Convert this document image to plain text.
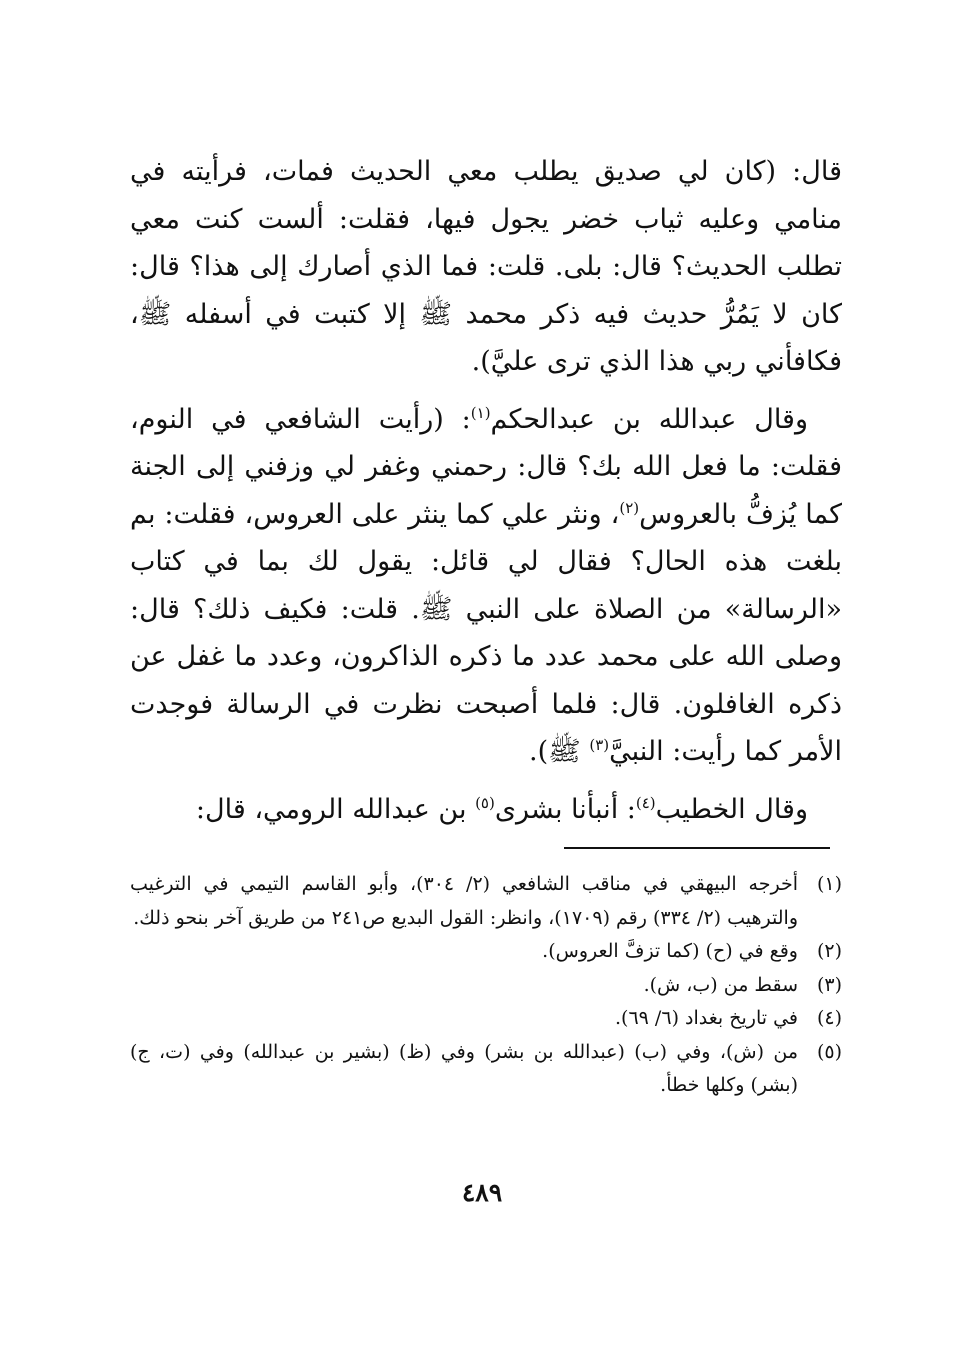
قال: (كان لي صديق يطلب معي الحديث فمات، فرأيته في منامي وعليه ثياب خضر يجول فيها، فقلت: ألست كنت معي تطلب الحديث؟ قال: بلى. قلت: فما الذي أصارك إلى هذا؟ قال: كان لا يَمُرُّ حديث فيه ذكر محمد ﷺ إلا كتبت في أسفله ﷺ، فكافأني ربي هذا الذي ترى عليَّ).

وقال عبدالله بن عبدالحكم$^{(١)}$: (رأيت الشافعي في النوم، فقلت: ما فعل الله بك؟ قال: رحمني وغفر لي وزفني إلى الجنة كما يُزفُّ بالعروس$^{(٢)}$، ونثر علي كما ينثر على العروس، فقلت: بم بلغت هذه الحال؟ فقال لي قائل: يقول لك بما في كتاب «الرسالة» من الصلاة على النبي ﷺ. قلت: فكيف ذلك؟ قال: وصلى الله على محمد عدد ما ذكره الذاكرون، وعدد ما غفل عن ذكره الغافلون. قال: فلما أصبحت نظرت في الرسالة فوجدت الأمر كما رأيت: النبيَّ$^{(٣)}$ ﷺ).

وقال الخطيب$^{(٤)}$: أنبأنا بشرى$^{(٥)}$ بن عبدالله الرومي، قال:

(١)
أخرجه البيهقي في مناقب الشافعي (٢/ ٣٠٤)، وأبو القاسم التيمي في الترغيب والترهيب (٢/ ٣٣٤) رقم (١٧٠٩)، وانظر: القول البديع ص٢٤١ من طريق آخر بنحو ذلك.
(٢)
وقع في (ح) (كما تزفَّ العروس).
(٣)
سقط من (ب، ش).
(٤)
في تاريخ بغداد (٦/ ٦٩).
(٥)
من (ش)، وفي (ب) (عبدالله بن بشر) وفي (ظ) (بشير بن عبدالله) وفي (ت، ج) (بشر) وكلها خطأ.
٤٨٩
